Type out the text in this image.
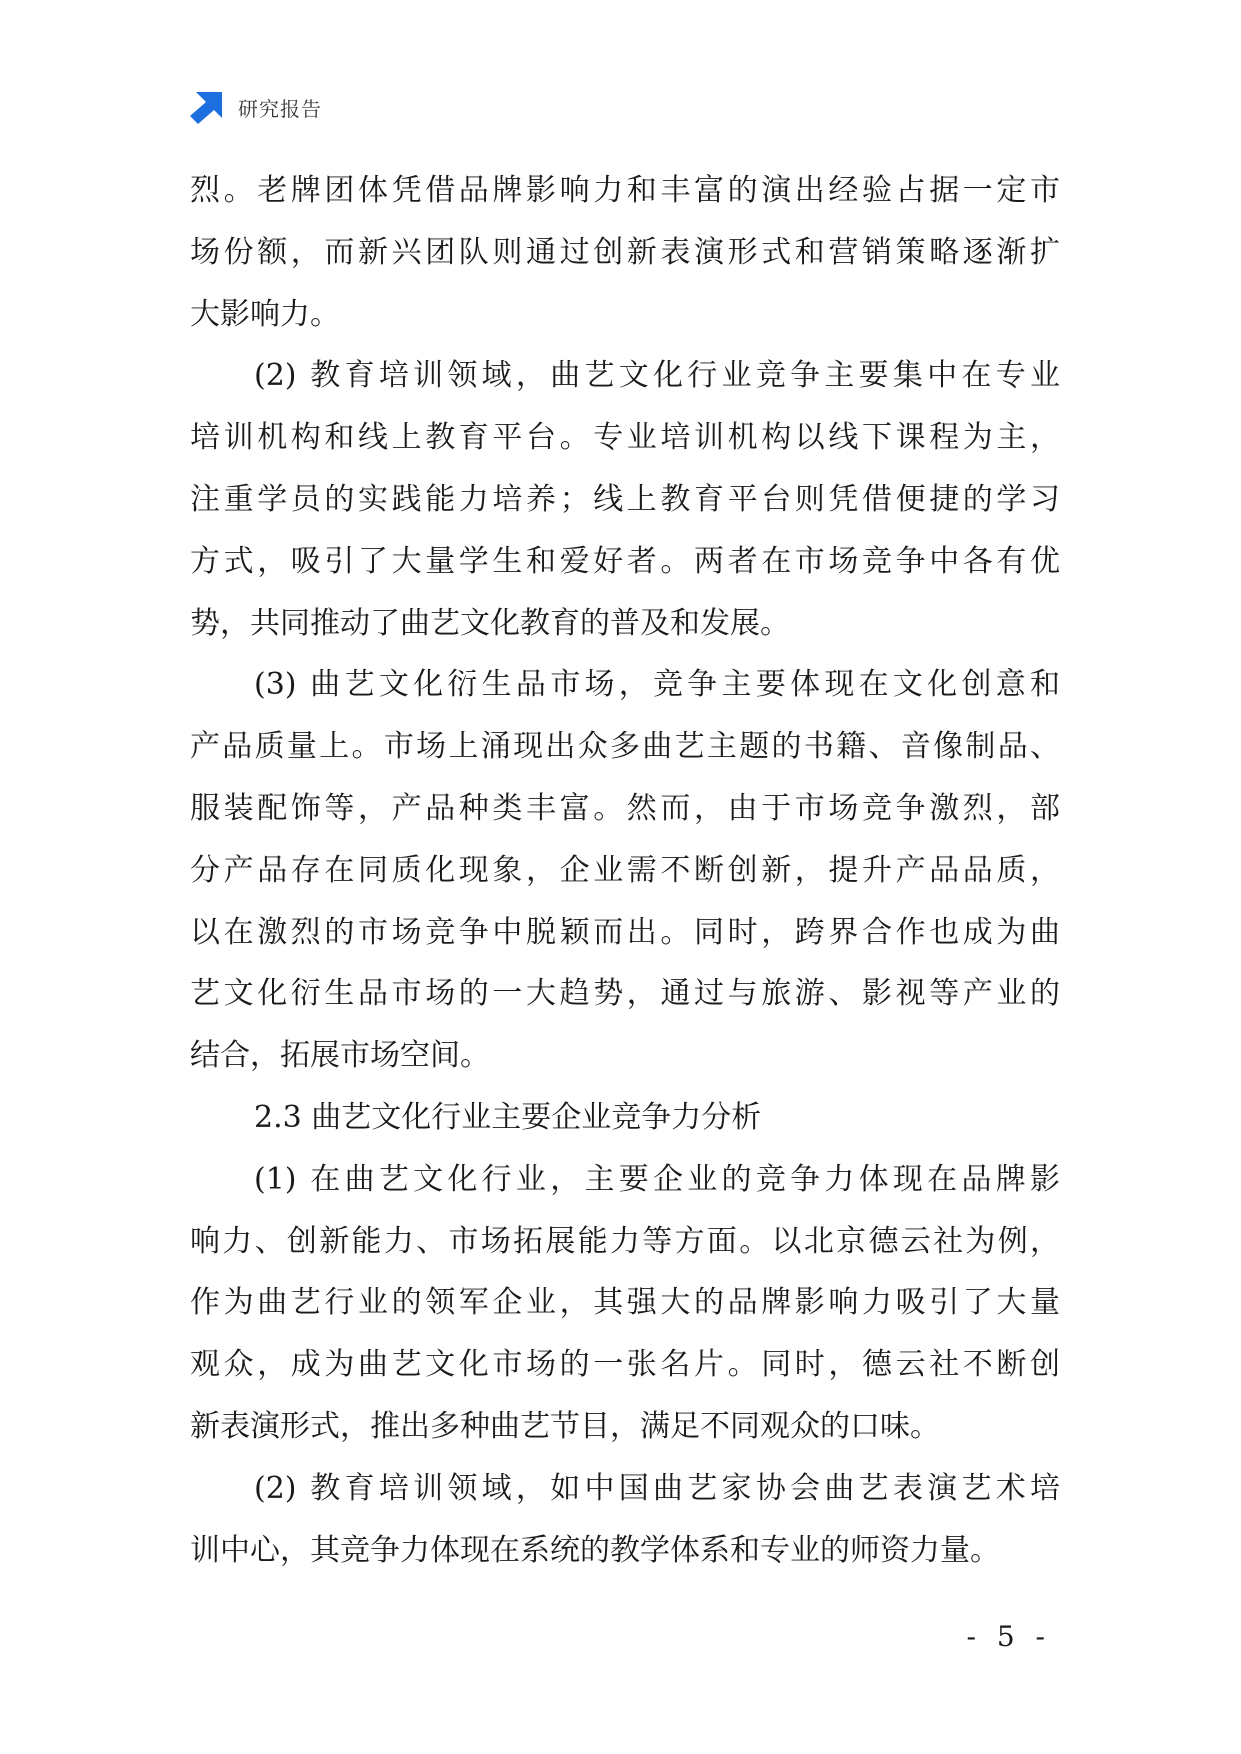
研究报告
烈。老牌团体凭借品牌影响力和丰富的演出经验占据一定市
场份额，而新兴团队则通过创新表演形式和营销策略逐渐扩
大影响力。
(2) 教育培训领域，曲艺文化行业竞争主要集中在专业
培训机构和线上教育平台。专业培训机构以线下课程为主，
注重学员的实践能力培养；线上教育平台则凭借便捷的学习
方式，吸引了大量学生和爱好者。两者在市场竞争中各有优
势，共同推动了曲艺文化教育的普及和发展。
(3) 曲艺文化衍生品市场，竞争主要体现在文化创意和
产品质量上。市场上涌现出众多曲艺主题的书籍、音像制品、
服装配饰等，产品种类丰富。然而，由于市场竞争激烈，部
分产品存在同质化现象，企业需不断创新，提升产品品质，
以在激烈的市场竞争中脱颖而出。同时，跨界合作也成为曲
艺文化衍生品市场的一大趋势，通过与旅游、影视等产业的
结合，拓展市场空间。
2.3 曲艺文化行业主要企业竞争力分析
(1) 在曲艺文化行业，主要企业的竞争力体现在品牌影
响力、创新能力、市场拓展能力等方面。以北京德云社为例，
作为曲艺行业的领军企业，其强大的品牌影响力吸引了大量
观众，成为曲艺文化市场的一张名片。同时，德云社不断创
新表演形式，推出多种曲艺节目，满足不同观众的口味。
(2) 教育培训领域，如中国曲艺家协会曲艺表演艺术培
训中心，其竞争力体现在系统的教学体系和专业的师资力量。
- 5 -
